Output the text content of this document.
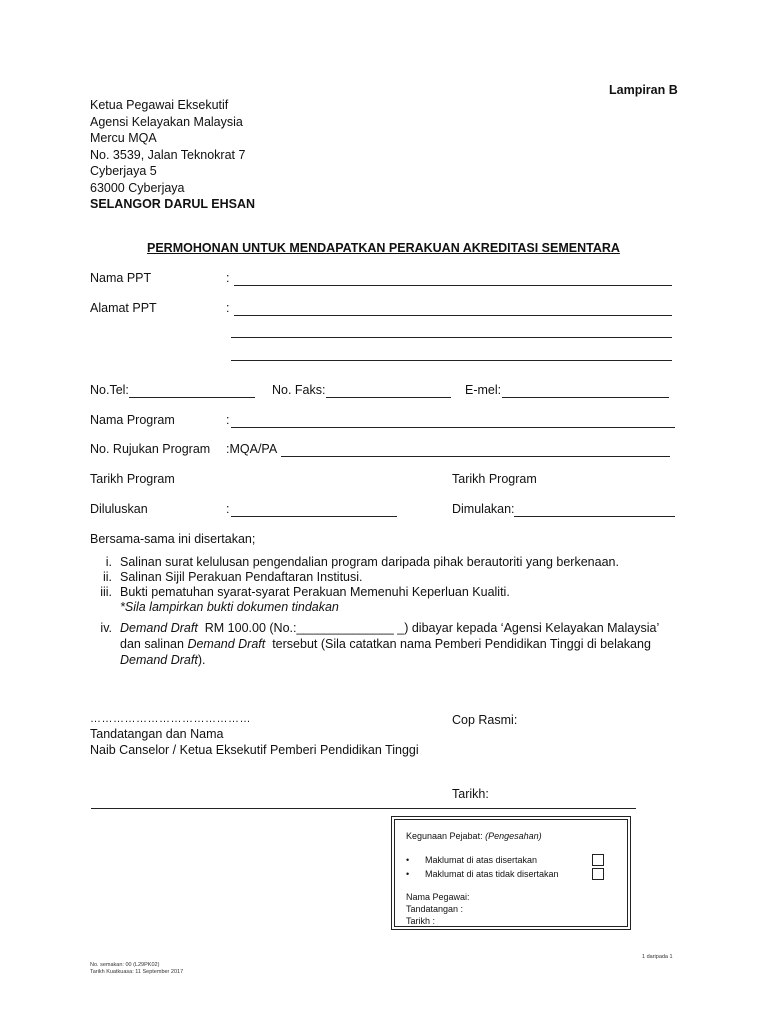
Lampiran B
Ketua Pegawai Eksekutif
Agensi Kelayakan Malaysia
Mercu MQA
No. 3539, Jalan Teknokrat 7
Cyberjaya 5
63000 Cyberjaya
SELANGOR DARUL EHSAN
PERMOHONAN UNTUK MENDAPATKAN PERAKUAN AKREDITASI SEMENTARA
Nama PPT	:
Alamat PPT	:
No.Tel:	No. Faks:	E-mel:
Nama Program	:
No. Rujukan Program :MQA/PA
Tarikh Program	Tarikh Program
Diluluskan	:	Dimulakan:
Bersama-sama ini disertakan;
i. Salinan surat kelulusan pengendalian program daripada pihak berautoriti yang berkenaan.
ii. Salinan Sijil Perakuan Pendaftaran Institusi.
iii. Bukti pematuhan syarat-syarat Perakuan Memenuhi Keperluan Kualiti.
*Sila lampirkan bukti dokumen tindakan
iv. Demand Draft RM 100.00 (No.:______________ _) dibayar kepada ‘Agensi Kelayakan Malaysia’
dan salinan Demand Draft tersebut (Sila catatkan nama Pemberi Pendidikan Tinggi di belakang
Demand Draft).
……………………………………
Tandatangan dan Nama
Naib Canselor / Ketua Eksekutif Pemberi Pendidikan Tinggi
Cop Rasmi:
Tarikh:
Kegunaan Pejabat: (Pengesahan)
• Maklumat di atas disertakan
• Maklumat di atas tidak disertakan
Nama Pegawai:
Tandatangan :
Tarikh :
No. semakan: 00 (L29PK02)
Tarikh Kuatkuasa: 11 September 2017
1 daripada 1
